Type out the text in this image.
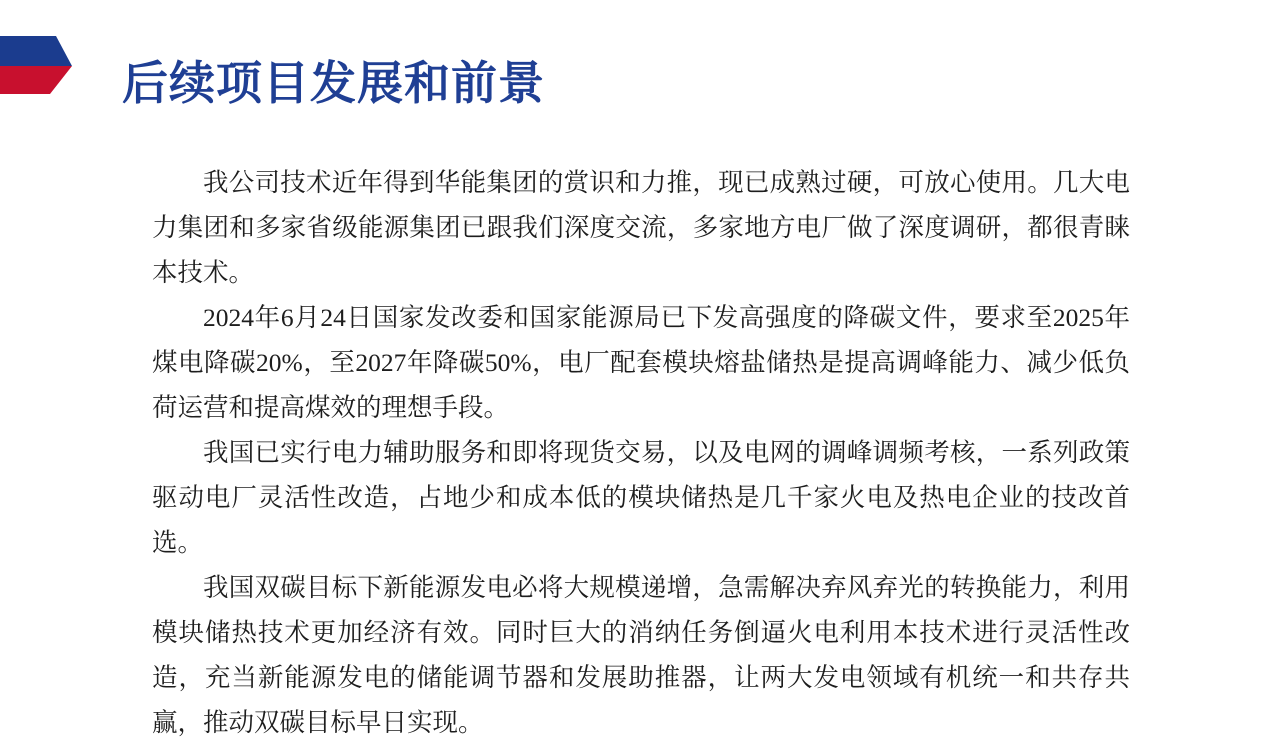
后续项目发展和前景

我公司技术近年得到华能集团的赏识和力推，现已成熟过硬，可放心使用。几大电力集团和多家省级能源集团已跟我们深度交流，多家地方电厂做了深度调研，都很青睐本技术。

2024年6月24日国家发改委和国家能源局已下发高强度的降碳文件，要求至2025年煤电降碳20%，至2027年降碳50%，电厂配套模块熔盐储热是提高调峰能力、减少低负荷运营和提高煤效的理想手段。

我国已实行电力辅助服务和即将现货交易，以及电网的调峰调频考核，一系列政策驱动电厂灵活性改造，占地少和成本低的模块储热是几千家火电及热电企业的技改首选。

我国双碳目标下新能源发电必将大规模递增，急需解决弃风弃光的转换能力，利用模块储热技术更加经济有效。同时巨大的消纳任务倒逼火电利用本技术进行灵活性改造，充当新能源发电的储能调节器和发展助推器，让两大发电领域有机统一和共存共赢，推动双碳目标早日实现。
